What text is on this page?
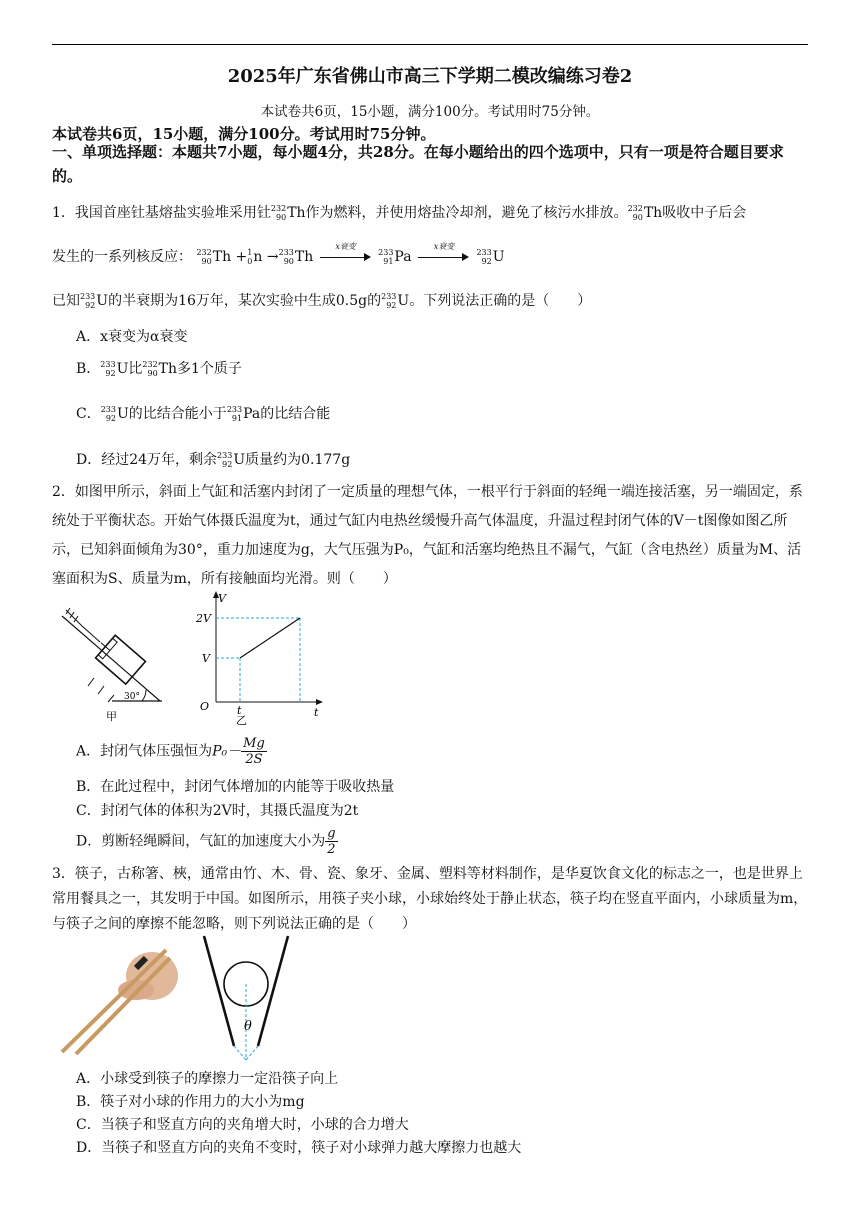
2025年广东省佛山市高三下学期二模改编练习卷2
本试卷共6页，15小题，满分100分。考试用时75分钟。
本试卷共6页，15小题，满分100分。考试用时75分钟。
一、单项选择题：本题共7小题，每小题4分，共28分。在每小题给出的四个选项中，只有一项是符合题目要求的。
1．我国首座钍基熔盐实验堆采用钍 232
90 Th作为燃料，并使用熔盐冷却剂，避免了核污水排放。 232
90 Th吸收中子后会
发生的一系列核反应： 232
90 Th + 1
0 n → 233
90 Th

x衰变

233
91 Pa

x衰变

233
92 U
已知 233
92 U的半衰期为16万年，某次实验中生成0.5g的 233
92 U。下列说法正确的是（　　）
A．x衰变为α衰变
B． 233
92 U比 232
90 Th多1个质子
C． 233
92 U的比结合能小于 233
91 Pa的比结合能
D．经过24万年，剩余 233
92 U质量约为0.177g
2．如图甲所示，斜面上气缸和活塞内封闭了一定质量的理想气体，一根平行于斜面的轻绳一端连接活塞，另一端固定，系统处于平衡状态。开始气体摄氏温度为t，通过气缸内电热丝缓慢升高气体温度，升温过程封闭气体的V－t图像如图乙所示，已知斜面倾角为30°，重力加速度为g，大气压强为P₀，气缸和活塞均绝热且不漏气，气缸（含电热丝）质量为M、活塞面积为S、质量为m，所有接触面均光滑。则（　　）
30°
甲
V
t
O
2V
V
t
乙
A．封闭气体压强恒为$P_0- \frac{Mg}{2S}$
B．在此过程中，封闭气体增加的内能等于吸收热量
C．封闭气体的体积为2V时，其摄氏温度为2t
D．剪断轻绳瞬间，气缸的加速度大小为 $\frac{g}{2}$
3．筷子，古称箸、梜，通常由竹、木、骨、瓷、象牙、金属、塑料等材料制作，是华夏饮食文化的标志之一，也是世界上常用餐具之一，其发明于中国。如图所示，用筷子夹小球，小球始终处于静止状态，筷子均在竖直平面内，小球质量为m，与筷子之间的摩擦不能忽略，则下列说法正确的是（　　）
θ
A．小球受到筷子的摩擦力一定沿筷子向上
B．筷子对小球的作用力的大小为mg
C．当筷子和竖直方向的夹角增大时，小球的合力增大
D．当筷子和竖直方向的夹角不变时，筷子对小球弹力越大摩擦力也越大
